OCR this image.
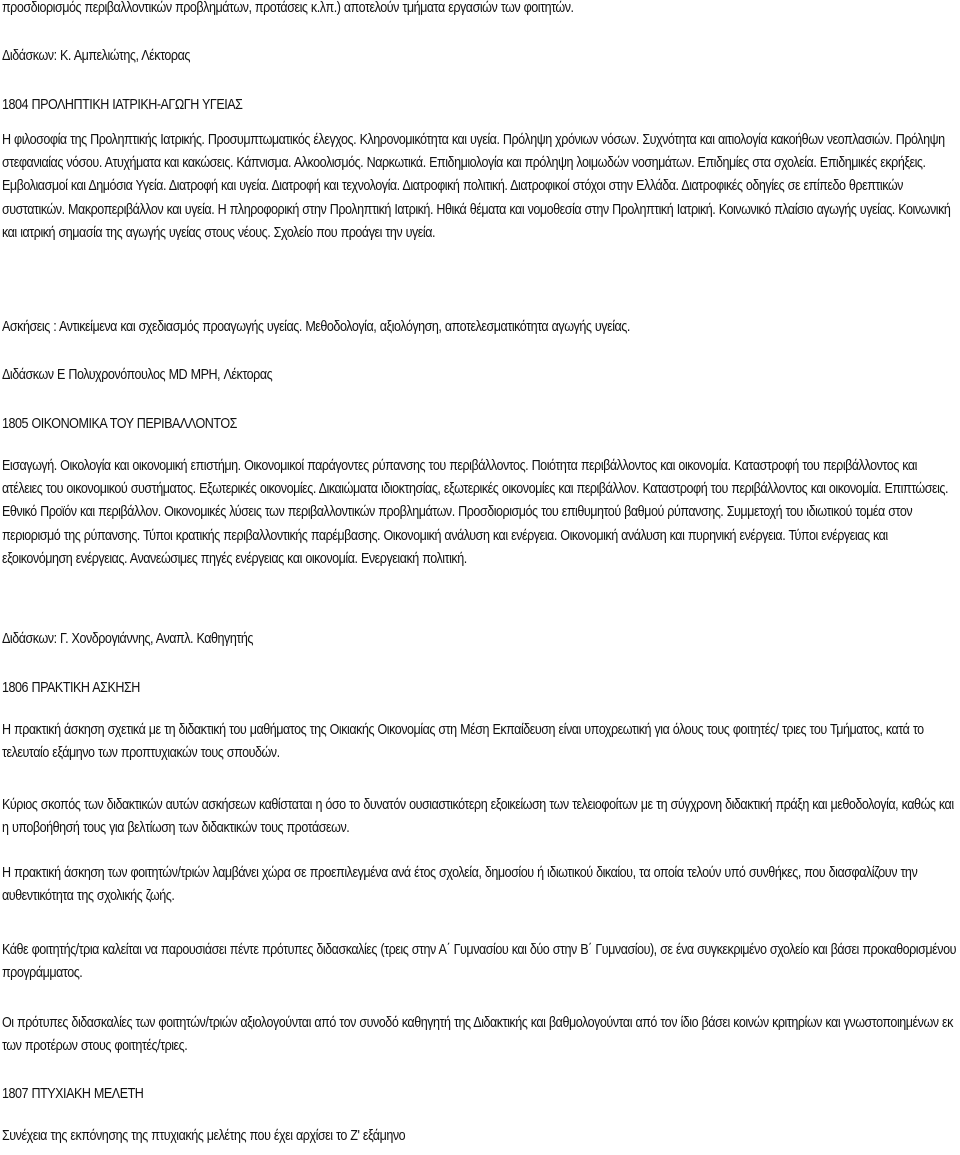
προσδιορισμός περιβαλλοντικών προβλημάτων, προτάσεις κ.λπ.) αποτελούν τμήματα εργασιών των φοιτητών.

Διδάσκων: Κ. Αμπελιώτης, Λέκτορας

1804 ΠΡΟΛΗΠΤΙΚΗ ΙΑΤΡΙΚΗ-ΑΓΩΓΗ ΥΓΕΙΑΣ

Η φιλοσοφία της Προληπτικής Ιατρικής. Προσυμπτωματικός έλεγχος. Κληρονομικότητα και υγεία. Πρόληψη χρόνιων νόσων. Συχνότητα και αιτιολογία κακοήθων νεοπλασιών. Πρόληψη στεφανιαίας νόσου. Ατυχήματα και κακώσεις. Κάπνισμα. Αλκοολισμός. Ναρκωτικά. Επιδημιολογία και πρόληψη λοιμωδών νοσημάτων. Επιδημίες στα σχολεία. Επιδημικές εκρήξεις. Εμβολιασμοί και Δημόσια Υγεία. Διατροφή και υγεία. Διατροφή και τεχνολογία. Διατροφική πολιτική. Διατροφικοί στόχοι στην Ελλάδα. Διατροφικές οδηγίες σε επίπεδο θρεπτικών συστατικών. Μακροπεριβάλλον και υγεία. Η πληροφορική στην Προληπτική Ιατρική. Ηθικά θέματα και νομοθεσία στην Προληπτική Ιατρική. Κοινωνικό πλαίσιο αγωγής υγείας. Κοινωνική και ιατρική σημασία της αγωγής υγείας στους νέους. Σχολείο που προάγει την υγεία.

Ασκήσεις : Αντικείμενα και σχεδιασμός προαγωγής υγείας. Μεθοδολογία, αξιολόγηση, αποτελεσματικότητα αγωγής υγείας.

Διδάσκων Ε Πολυχρονόπουλος MD MPH, Λέκτορας

1805 ΟΙΚΟΝΟΜΙΚΑ ΤΟΥ ΠΕΡΙΒΑΛΛΟΝΤΟΣ

Εισαγωγή. Οικολογία και οικονομική επιστήμη. Οικονομικοί παράγοντες ρύπανσης του περιβάλλοντος. Ποιότητα περιβάλλοντος και οικονομία. Καταστροφή του περιβάλλοντος και ατέλειες του οικονομικού συστήματος. Εξωτερικές οικονομίες. Δικαιώματα ιδιοκτησίας, εξωτερικές οικονομίες και περιβάλλον. Καταστροφή του περιβάλλοντος και οικονομία. Επιπτώσεις. Εθνικό Προϊόν και περιβάλλον. Οικονομικές λύσεις των περιβαλλοντικών προβλημάτων. Προσδιορισμός του επιθυμητού βαθμού ρύπανσης. Συμμετοχή του ιδιωτικού τομέα στον περιορισμό της ρύπανσης. Τύποι κρατικής περιβαλλοντικής παρέμβασης. Οικονομική ανάλυση και ενέργεια. Οικονομική ανάλυση και πυρηνική ενέργεια. Τύποι ενέργειας και εξοικονόμηση ενέργειας. Ανανεώσιμες πηγές ενέργειας και οικονομία. Ενεργειακή πολιτική.

Διδάσκων: Γ. Χονδρογιάννης, Αναπλ. Καθηγητής

1806 ΠΡΑΚΤΙΚΗ ΑΣΚΗΣΗ

Η πρακτική άσκηση σχετικά με τη διδακτική του μαθήματος της Οικιακής Οικονομίας στη Μέση Εκπαίδευση είναι υποχρεωτική για όλους τους φοιτητές/ τριες του Τμήματος, κατά το τελευταίο εξάμηνο των προπτυχιακών τους σπουδών.

Κύριος σκοπός των διδακτικών αυτών ασκήσεων καθίσταται η όσο το δυνατόν ουσιαστικότερη εξοικείωση των τελειοφοίτων με τη σύγχρονη διδακτική πράξη και μεθοδολογία, καθώς και η υποβοήθησή τους για βελτίωση των διδακτικών τους προτάσεων.

Η πρακτική άσκηση των φοιτητών/τριών λαμβάνει χώρα σε προεπιλεγμένα ανά έτος σχολεία, δημοσίου ή ιδιωτικού δικαίου, τα οποία τελούν υπό συνθήκες, που διασφαλίζουν την αυθεντικότητα της σχολικής ζωής.

Κάθε φοιτητής/τρια καλείται να παρουσιάσει πέντε πρότυπες διδασκαλίες (τρεις στην Α΄ Γυμνασίου και δύο στην Β΄ Γυμνασίου), σε ένα συγκεκριμένο σχολείο και βάσει προκαθορισμένου προγράμματος.

Οι πρότυπες διδασκαλίες των φοιτητών/τριών αξιολογούνται από τον συνοδό καθηγητή της Διδακτικής και βαθμολογούνται από τον ίδιο βάσει κοινών κριτηρίων και γνωστοποιημένων εκ των προτέρων στους φοιτητές/τριες.

1807 ΠΤΥΧΙΑΚΗ ΜΕΛΕΤΗ

Συνέχεια της εκπόνησης της πτυχιακής μελέτης που έχει αρχίσει το Ζ' εξάμηνο
